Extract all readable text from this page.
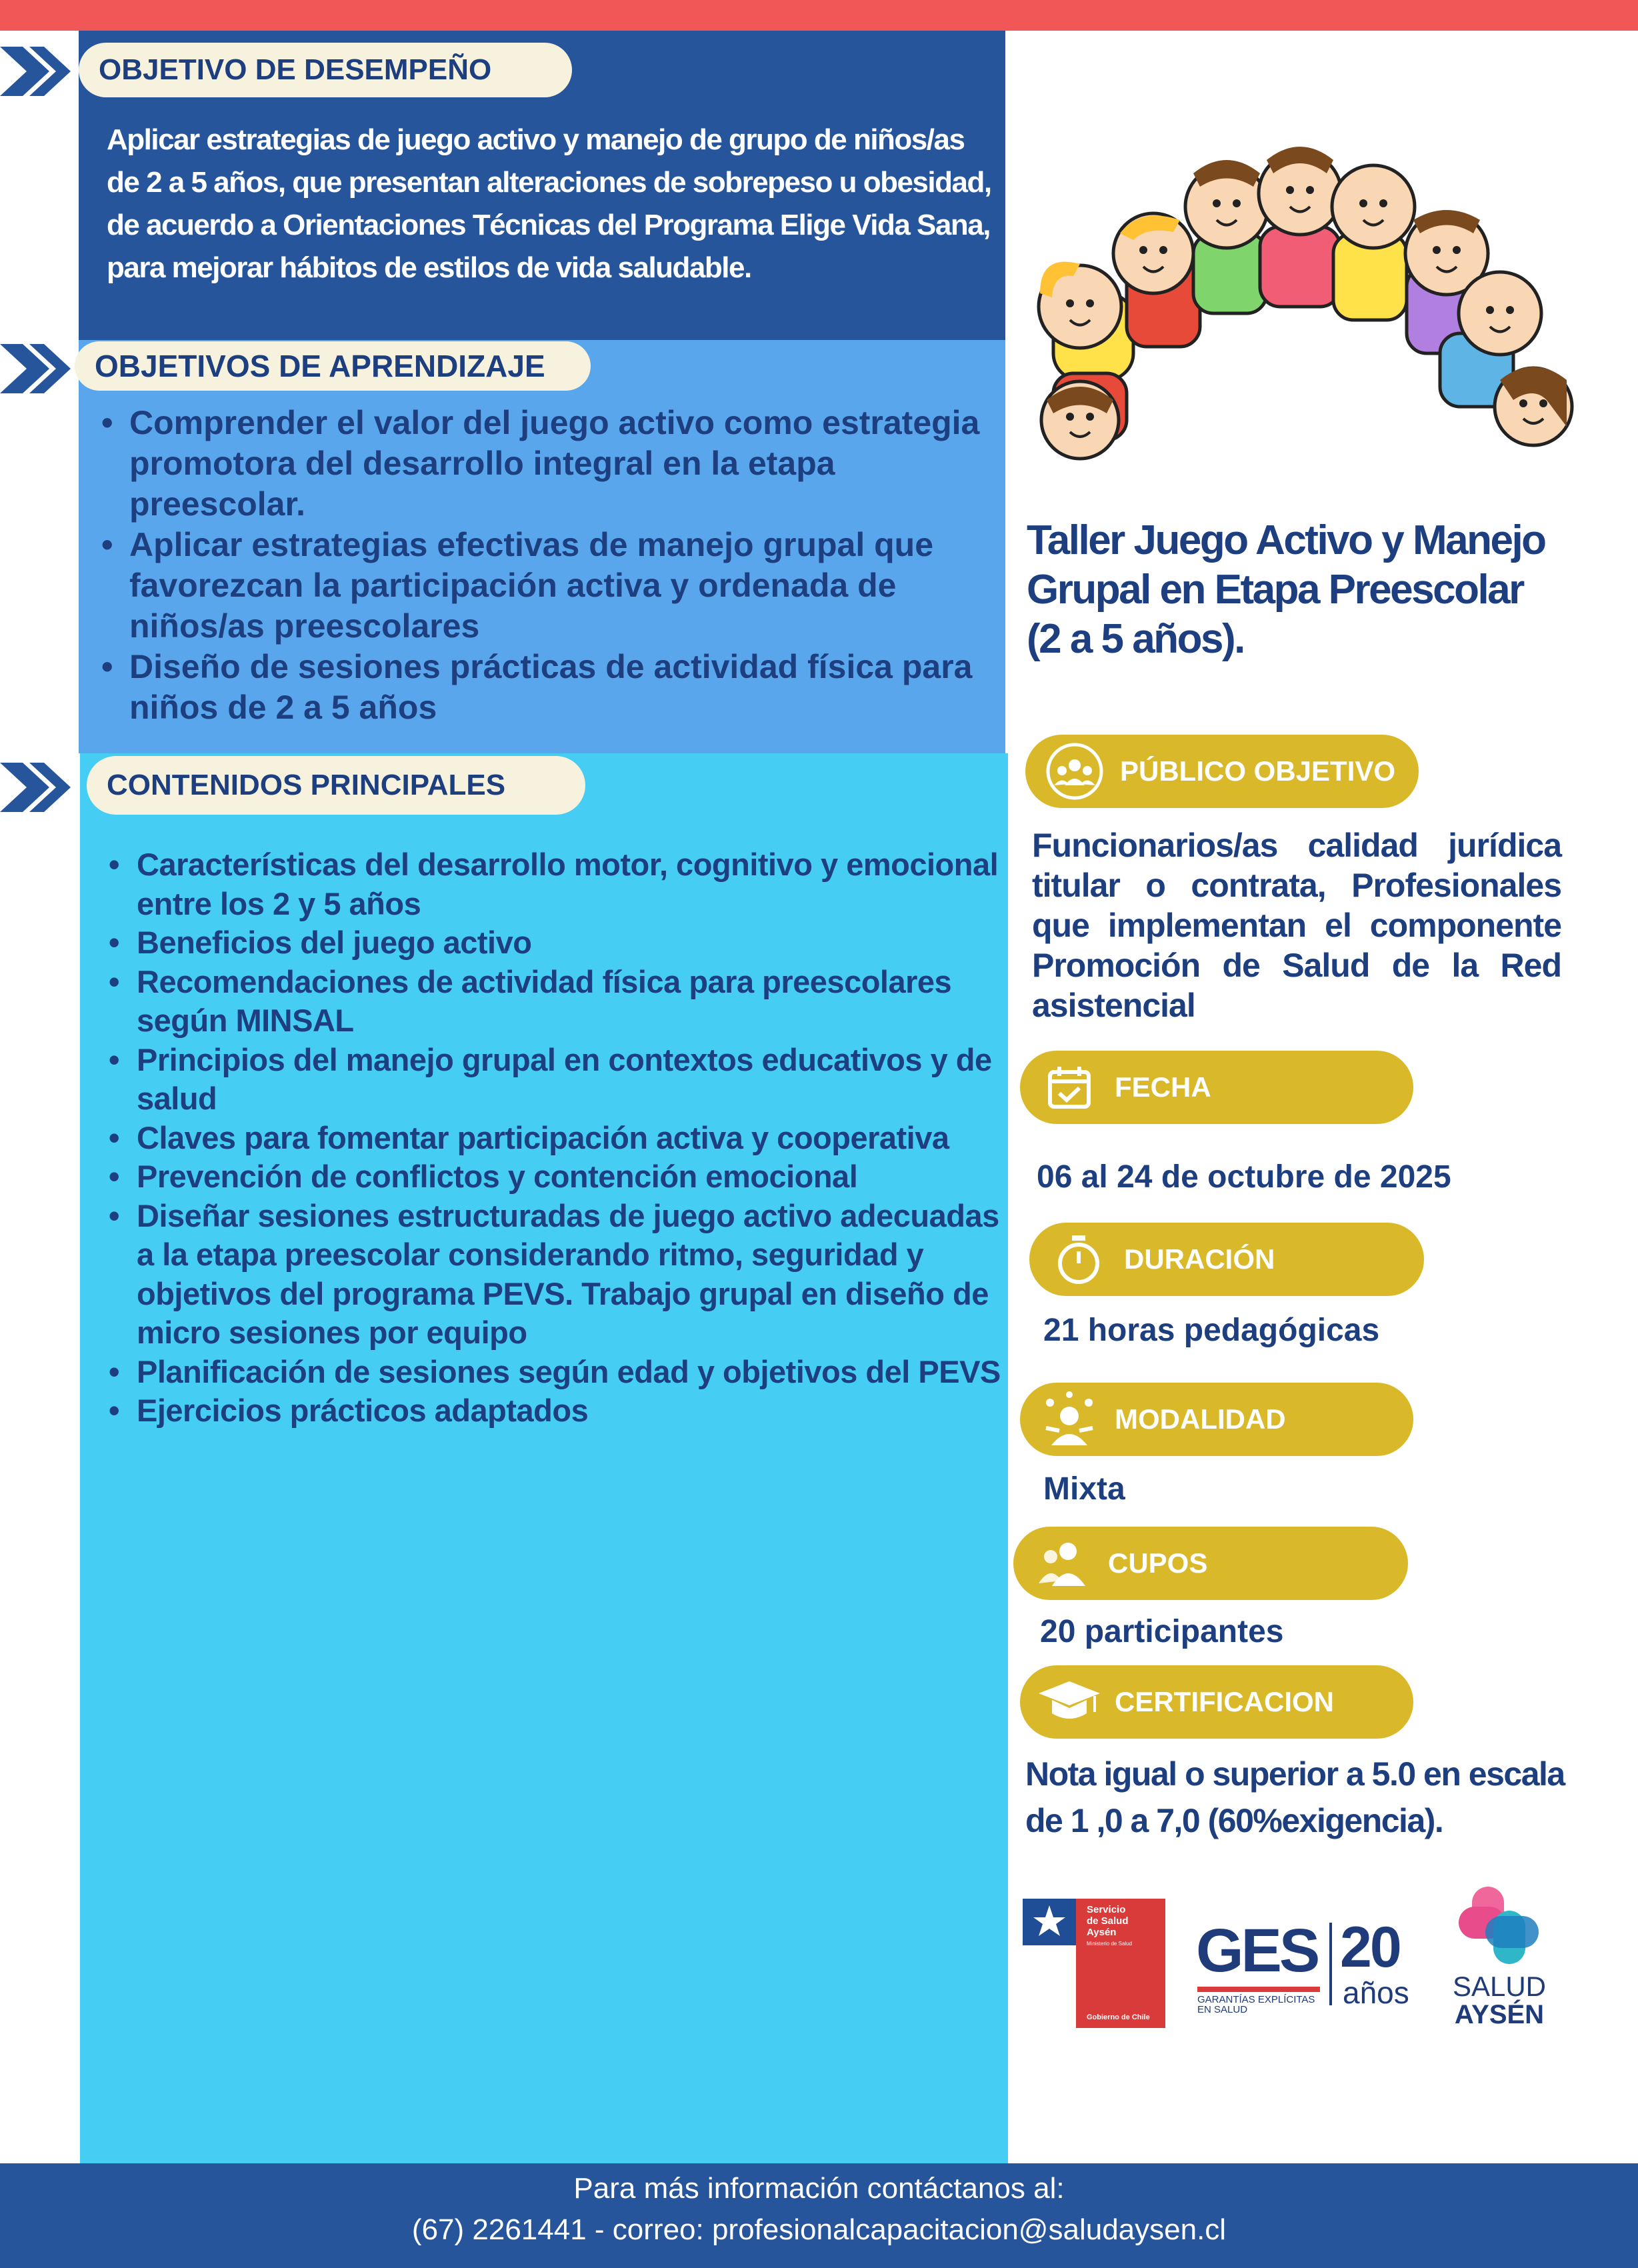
OBJETIVO DE DESEMPEÑO
Aplicar estrategias de juego activo y manejo de grupo de niños/as de 2 a 5 años, que presentan alteraciones de sobrepeso u obesidad, de acuerdo a Orientaciones Técnicas del Programa Elige Vida Sana, para mejorar hábitos de estilos de vida saludable.
OBJETIVOS DE APRENDIZAJE
• Comprender el valor del juego activo como estrategia promotora del desarrollo integral en la etapa preescolar.
• Aplicar estrategias efectivas de manejo grupal que favorezcan la participación activa y ordenada de niños/as preescolares
• Diseño de sesiones prácticas de actividad física para niños de 2 a 5 años
CONTENIDOS PRINCIPALES
• Características del desarrollo motor, cognitivo y emocional entre los 2 y 5 años
• Beneficios del juego activo
• Recomendaciones de actividad física para preescolares según MINSAL
• Principios del manejo grupal en contextos educativos y de salud
• Claves para fomentar participación activa y cooperativa
• Prevención de conflictos y contención emocional
• Diseñar sesiones estructuradas de juego activo adecuadas a la etapa preescolar considerando ritmo, seguridad y objetivos del programa PEVS. Trabajo grupal en diseño de micro sesiones por equipo
• Planificación de sesiones según edad y objetivos del PEVS
• Ejercicios prácticos adaptados
Taller Juego Activo y Manejo
Grupal en Etapa Preescolar
(2 a 5 años).
PÚBLICO OBJETIVO
Funcionarios/as calidad jurídica titular o contrata, Profesionales que implementan el componente Promoción de Salud de la Red asistencial
FECHA
06 al 24 de octubre de 2025
DURACIÓN
21 horas pedagógicas
MODALIDAD
Mixta
CUPOS
20 participantes
CERTIFICACION
Nota igual o superior a 5.0 en escala
de 1 ,0 a 7,0 (60%exigencia).
Servicio
de Salud
Aysén
Ministerio de Salud
Gobierno de Chile
GES
GARANTÍAS EXPLÍCITAS
EN SALUD
20
años SALUD
AYSÉN
Para más información contáctanos al:
(67) 2261441 - correo: profesionalcapacitacion@saludaysen.cl
